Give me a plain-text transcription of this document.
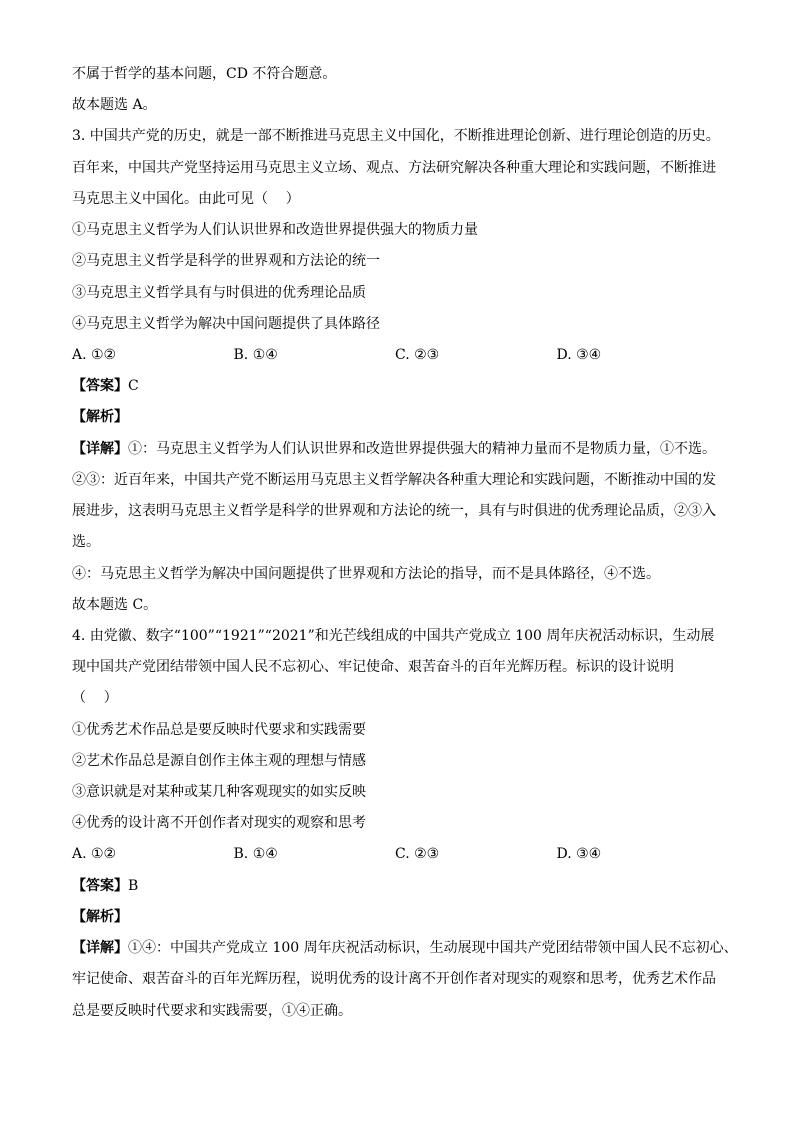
不属于哲学的基本问题，CD 不符合题意。
故本题选 A。
3. 中国共产党的历史，就是一部不断推进马克思主义中国化，不断推进理论创新、进行理论创造的历史。
百年来，中国共产党坚持运用马克思主义立场、观点、方法研究解决各种重大理论和实践问题，不断推进
马克思主义中国化。由此可见（    ）
①马克思主义哲学为人们认识世界和改造世界提供强大的物质力量
②马克思主义哲学是科学的世界观和方法论的统一
③马克思主义哲学具有与时俱进的优秀理论品质
④马克思主义哲学为解决中国问题提供了具体路径
A. ①②	B. ①④	C. ②③	D. ③④
【答案】C
【解析】
【详解】①：马克思主义哲学为人们认识世界和改造世界提供强大的精神力量而不是物质力量，①不选。
②③：近百年来，中国共产党不断运用马克思主义哲学解决各种重大理论和实践问题，不断推动中国的发
展进步，这表明马克思主义哲学是科学的世界观和方法论的统一，具有与时俱进的优秀理论品质，②③入
选。
④：马克思主义哲学为解决中国问题提供了世界观和方法论的指导，而不是具体路径，④不选。
故本题选 C。
4. 由党徽、数字“100”“1921”“2021”和光芒线组成的中国共产党成立 100 周年庆祝活动标识，生动展
现中国共产党团结带领中国人民不忘初心、牢记使命、艰苦奋斗的百年光辉历程。标识的设计说明
（    ）
①优秀艺术作品总是要反映时代要求和实践需要
②艺术作品总是源自创作主体主观的理想与情感
③意识就是对某种或某几种客观现实的如实反映
④优秀的设计离不开创作者对现实的观察和思考
A. ①②	B. ①④	C. ②③	D. ③④
【答案】B
【解析】
【详解】①④：中国共产党成立 100 周年庆祝活动标识，生动展现中国共产党团结带领中国人民不忘初心、
牢记使命、艰苦奋斗的百年光辉历程，说明优秀的设计离不开创作者对现实的观察和思考，优秀艺术作品
总是要反映时代要求和实践需要，①④正确。
